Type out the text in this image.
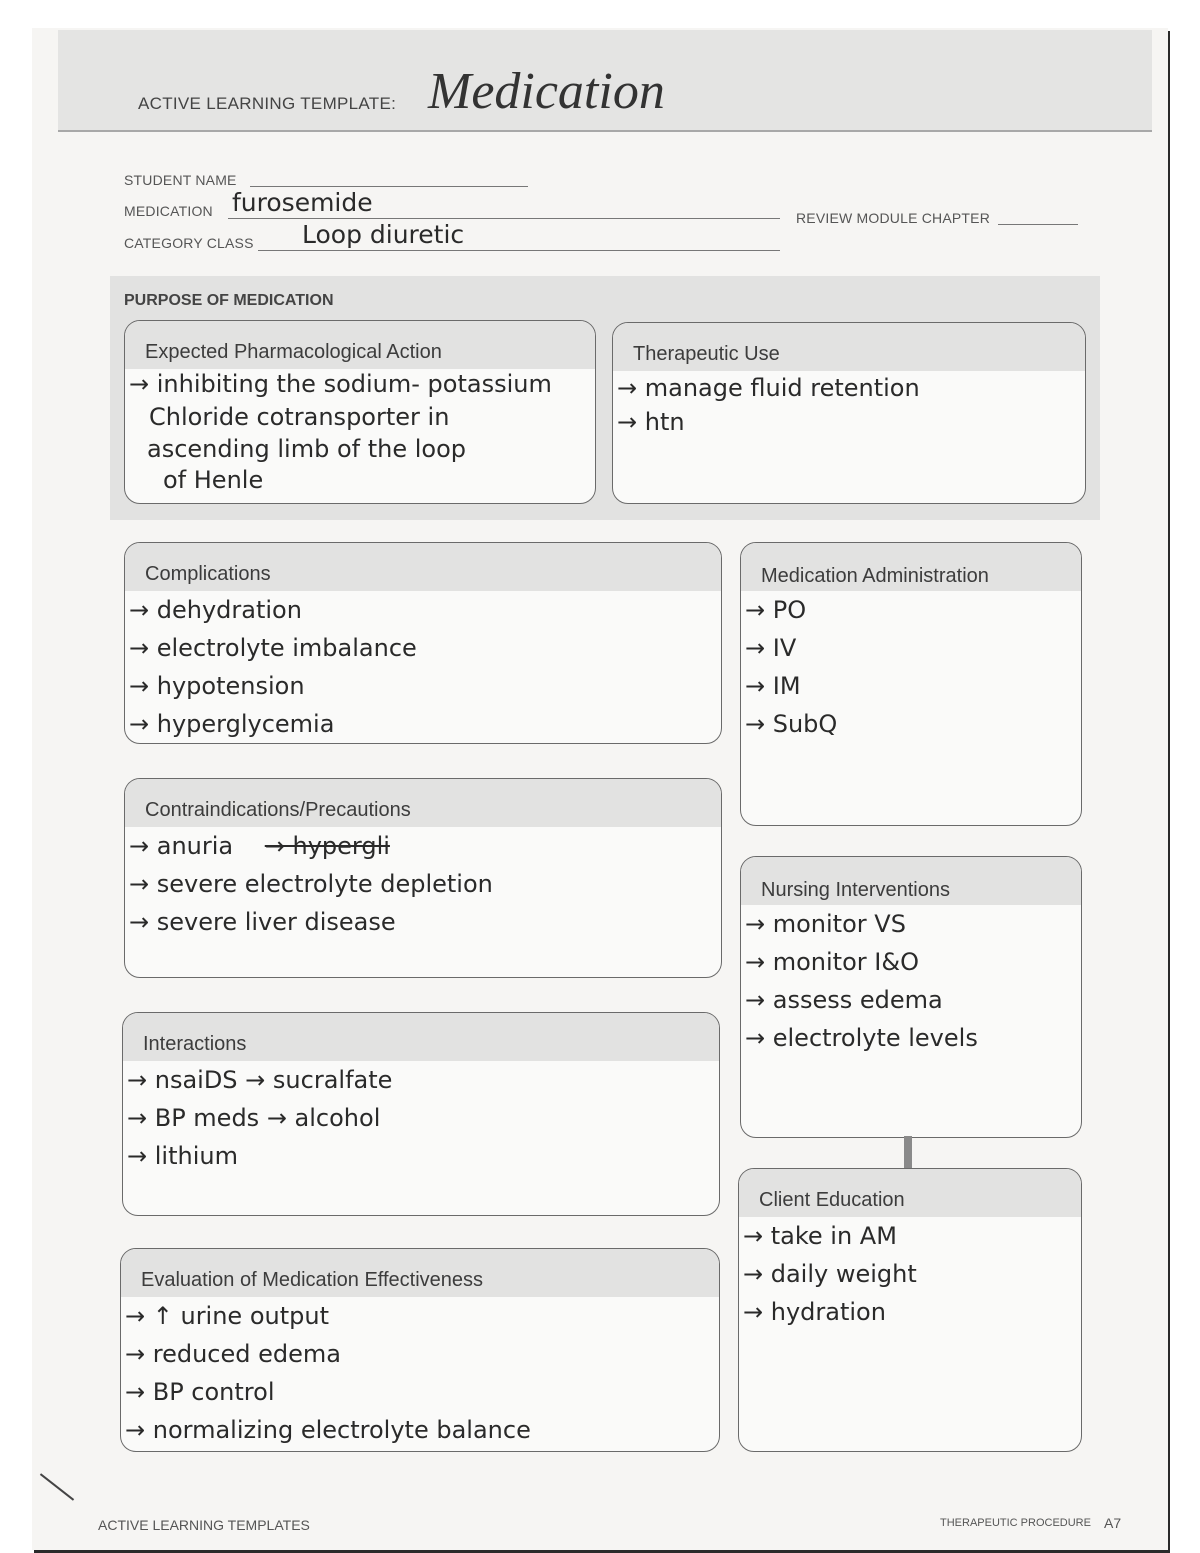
ACTIVE LEARNING TEMPLATE: Medication
STUDENT NAME
MEDICATION furosemide
CATEGORY CLASS Loop diuretic
REVIEW MODULE CHAPTER
PURPOSE OF MEDICATION
Expected Pharmacological Action
→ inhibiting the sodium- potassium
Chloride cotransporter in
ascending limb of the loop
of Henle
Therapeutic Use
→ manage fluid retention
→ htn
Complications
→ dehydration
→ electrolyte imbalance
→ hypotension
→ hyperglycemia
Medication Administration
→ PO
→ IV
→ IM
→ SubQ
Contraindications/Precautions
→ anuria → hypergli
→ severe electrolyte depletion
→ severe liver disease
Nursing Interventions
→ monitor VS
→ monitor I&O
→ assess edema
→ electrolyte levels
Interactions
→ nsaiDS → sucralfate
→ BP meds → alcohol
→ lithium
Client Education
→ take in AM
→ daily weight
→ hydration
Evaluation of Medication Effectiveness
→ ↑ urine output
→ reduced edema
→ BP control
→ normalizing electrolyte balance
ACTIVE LEARNING TEMPLATES	THERAPEUTIC PROCEDURE A7
